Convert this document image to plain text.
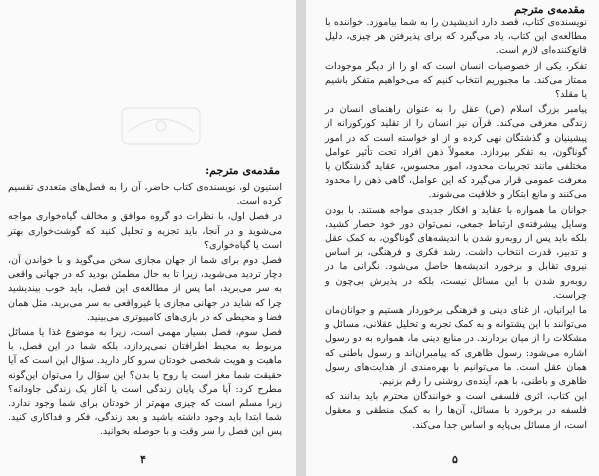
مقدمه‌ی مترجم:

استیون لو، نویسنده‌ی کتاب حاضر، آن را به فصل‌های متعددی تقسیم کرده است.

در فصل اول، با نظرات دو گروه موافق و مخالف گیاه‌خواری مواجه می‌شوید و در آنجا، باید تجزیه و تحلیل کنید که گوشت‌خواری بهتر است یا گیاه‌خواری؟

فصل دوم برای شما از جهان مجازی سخن می‌گوید و با خواندن آن، دچار تردید می‌شوید، زیرا تا به حال مطمئن بودید که در جهانی واقعی به سر می‌برید، اما پس از مطالعه‌ی این فصل، باید خوب بیندیشید چرا که شاید در جهانی مجازی یا غیرواقعی به سر می‌برید، مثل همان فضا و محیطی که در بازی‌های کامپیوتری می‌بینید.

فصل سوم، فصل بسیار مهمی است، زیرا به موضوع غذا یا مسائل مربوط به محیط اطرافتان نمی‌پردازد، بلکه شما در این فصل، با ماهیت و هویت شخصی خودتان سرو کار دارید. سؤال این است که آیا حقیقت شما مغز است یا روح یا بدن؟ این سؤال را می‌توان این‌گونه مطرح کرد: آیا مرگ پایان زندگی است یا آغاز یک زندگی جاودانه؟ زیرا مسلم است که چیزی مهم‌تر از خودتان برای شما وجود ندارد. شما ابتدا باید وجود داشته باشید و بعد زندگی، فکر و فداکاری کنید. پس این فصل را سر وقت و با حوصله بخوانید.

۴
مقدمه‌ی مترجم

نویسنده‌ی کتاب، قصد دارد اندیشیدن را به شما بیاموزد. خواننده با مطالعه‌ی این کتاب، یاد می‌گیرد که برای پذیرفتن هر چیزی، دلیل قانع‌کننده‌ای لازم است.

تفکر، یکی از خصوصیات انسان است که او را از دیگر موجودات ممتاز می‌کند. ما مجبوریم انتخاب کنیم که می‌خواهیم متفکر باشیم یا مقلد؟

پیامبر بزرگ اسلام (ص) عقل را به عنوان راهنمای انسان در زندگی معرفی می‌کند. قرآن نیز انسان را از تقلید کورکورانه از پیشینیان و گذشتگان نهی کرده و از او خواسته است که در امور گوناگون، به تفکر بپردازد. معمولاً ذهن افراد تحت تأثیر عوامل مختلفی مانند تجربیات محدود، امور محسوس، عقاید گذشتگان یا معرفت عمومی قرار می‌گیرد که این عوامل، گاهی ذهن را محدود می‌کنند و مانع ابتکار و خلاقیت می‌شوند.

جوانان ما همواره با عقاید و افکار جدیدی مواجه هستند. با بودن وسایل پیشرفته‌ی ارتباط جمعی، نمی‌توان دور خود حصار کشید، بلکه باید پس از روبه‌رو شدن با اندیشه‌های گوناگون، به کمک عقل و تدبیر، قدرت انتخاب داشت. رشد فکری و فرهنگی، بر اساس نیروی تقابل و برخورد اندیشه‌ها حاصل می‌شود. نگرانی ما در روبه‌رو شدن با این مسائل نیست، بلکه در پذیرش بی‌چون و چراست.

ما ایرانیان، از غنای دینی و فرهنگی برخوردار هستیم و جوانان‌مان می‌توانند با این پشتوانه و به کمک تجربه و تحلیل عقلانی، مسائل و مشکلات را از میان بردارند. در منابع دینی ما، همواره به دو رسول اشاره می‌شود: رسول ظاهری که پیامبران‌اند و رسول باطنی که همان عقل است. ما می‌توانیم با بهره‌مندی از هدایت‌های رسول ظاهری و باطنی، با هم، آینده‌ی روشنی را رقم بزنیم.

این کتاب، اثری فلسفی است و خوانندگان محترم باید بدانند که فلسفه در برخورد با مسائل، آن‌ها را به کمک منطقی و معقول است، از مسائل بی‌پایه و اساس جدا می‌کند.

۵
